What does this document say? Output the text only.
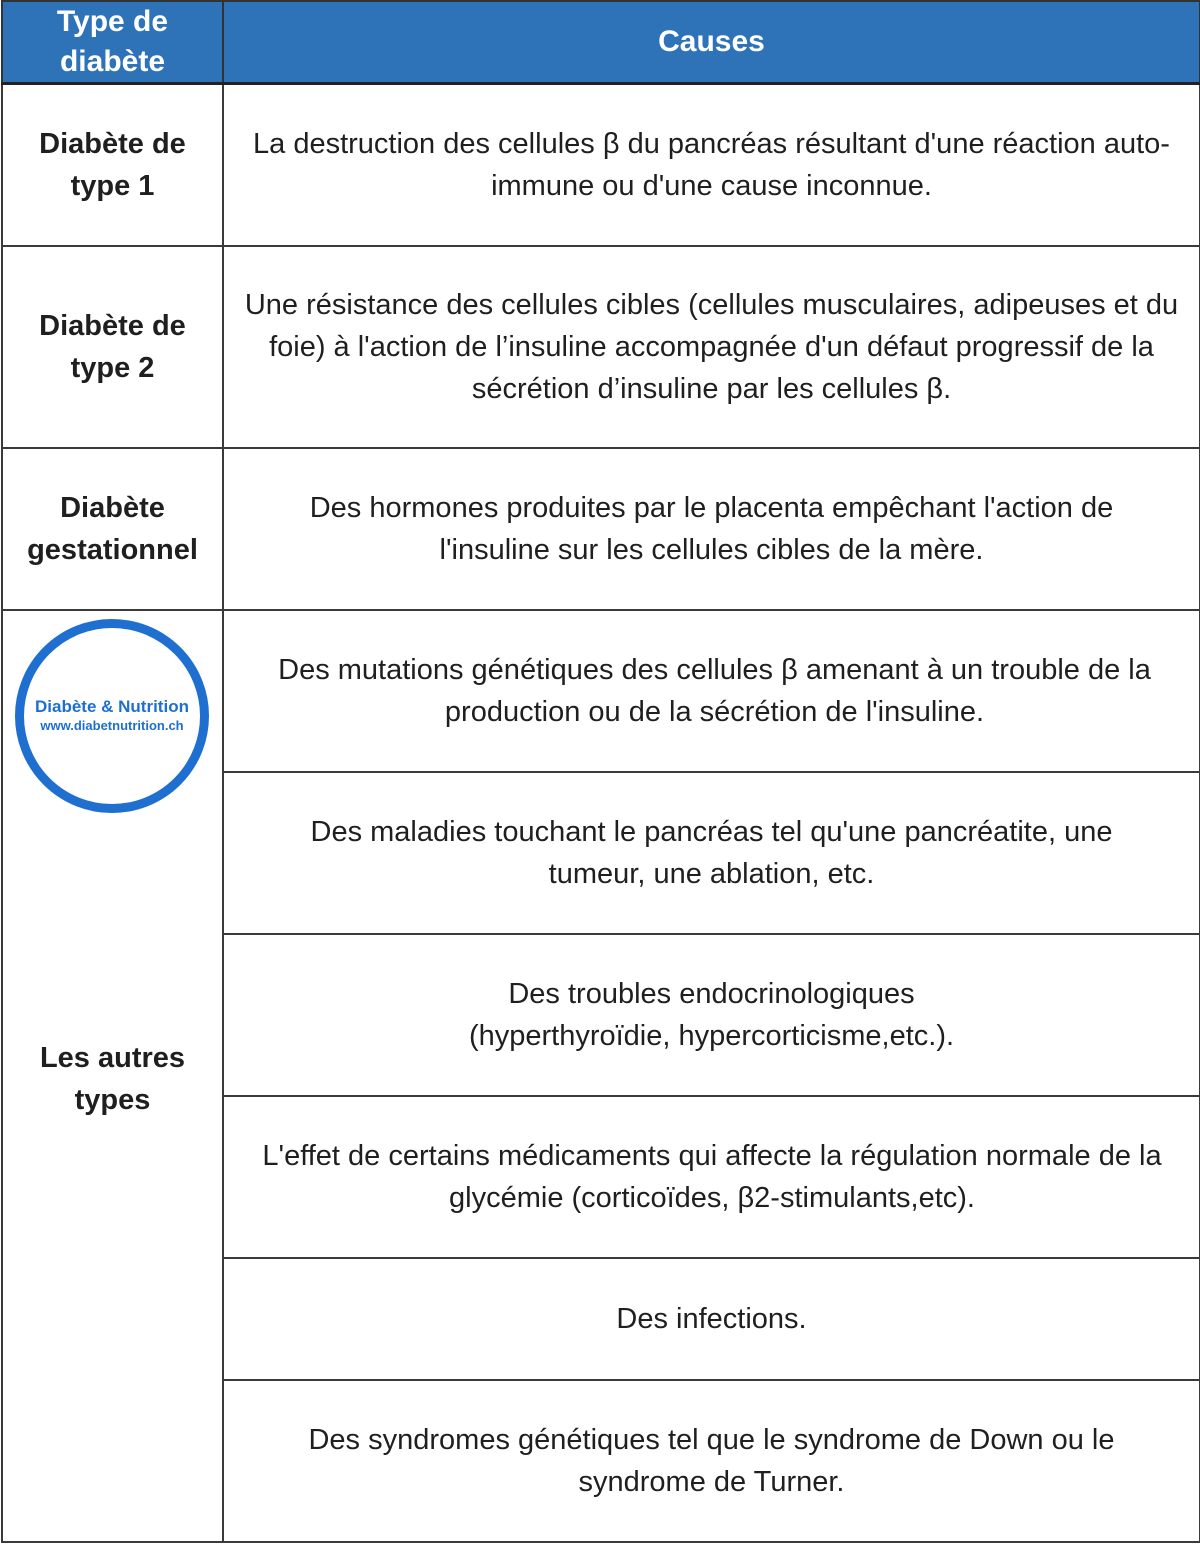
Type de diabète	Causes
Diabète de type 1	La destruction des cellules β du pancréas résultant d'une réaction auto-immune ou d'une cause inconnue.
Diabète de type 2	Une résistance des cellules cibles (cellules musculaires, adipeuses et du foie) à l'action de l’insuline accompagnée d'un défaut progressif de la sécrétion d’insuline par les cellules β.
Diabète gestationnel	Des hormones produites par le placenta empêchant l'action de l'insuline sur les cellules cibles de la mère.

Diabète & Nutrition
www.diabetnutrition.ch
Les autres types	Des mutations génétiques des cellules β amenant à un trouble de la production ou de la sécrétion de l'insuline.
	Des maladies touchant le pancréas tel qu'une pancréatite, une tumeur, une ablation, etc.
	Des troubles endocrinologiques (hyperthyroïdie, hypercorticisme,etc.).
	L'effet de certains médicaments qui affecte la régulation normale de la glycémie (corticoïdes, β2-stimulants,etc).
	Des infections.
	Des syndromes génétiques tel que le syndrome de Down ou le syndrome de Turner.
